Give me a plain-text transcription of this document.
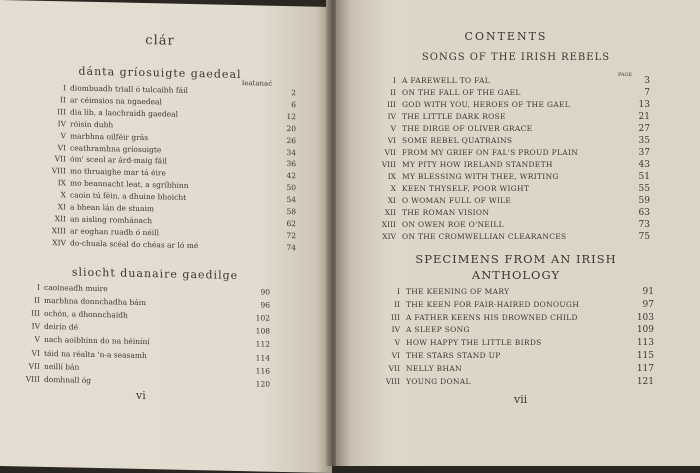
clár
dánta gríosuigte gaedeal
leatanać
I diombuadh triall ó tulcaibh fáil	2
II ar céimsios na ngaedeal	6
III dia lib, a laochraidh gaedeal	12
IV róisín dubh	20
V marbhna oilféir grás	26
VI ceathramhna gríosuigte	34
VII óm' sceol ar árd-maig fáil	36
VIII mo thruaighe mar tá éire	42
IX mo beannacht leat, a sgríbhinn	50
X caoin tú féin, a dhuine bhoicht	54
XI a bhean lán de stuaim	58
XII an aisling romhánach	62
XIII ar eoghan ruadh ó néill	72
XIV do-chuala scéal do chéas ar ló mé	74
sliocht duanaire gaedilge
I caoineadh muire	90
II marbhna donnchadha báin	96
III ochón, a dhonnchaidh	102
IV deirín dé	108
V nach aoibhinn do na héiníní	112
VI táid na réalta 'n-a seasamh	114
VII neillí bán	116
VIII domhnall óg	120
vi
CONTENTS
SONGS OF THE IRISH REBELS
PAGE
I A FAREWELL TO FAL	3
II ON THE FALL OF THE GAEL	7
III GOD WITH YOU, HEROES OF THE GAEL	13
IV THE LITTLE DARK ROSE	21
V THE DIRGE OF OLIVER GRACE	27
VI SOME REBEL QUATRAINS	35
VII FROM MY GRIEF ON FAL'S PROUD PLAIN	37
VIII MY PITY HOW IRELAND STANDETH	43
IX MY BLESSING WITH THEE, WRITING	51
X KEEN THYSELF, POOR WIGHT	55
XI O WOMAN FULL OF WILE	59
XII THE ROMAN VISION	63
XIII ON OWEN ROE O'NEILL	73
XIV ON THE CROMWELLIAN CLEARANCES	75
SPECIMENS FROM AN IRISH
ANTHOLOGY
I THE KEENING OF MARY	91
II THE KEEN FOR FAIR-HAIRED DONOUGH	97
III A FATHER KEENS HIS DROWNED CHILD	103
IV A SLEEP SONG	109
V HOW HAPPY THE LITTLE BIRDS	113
VI THE STARS STAND UP	115
VII NELLY BHAN	117
VIII YOUNG DONAL	121
vii
